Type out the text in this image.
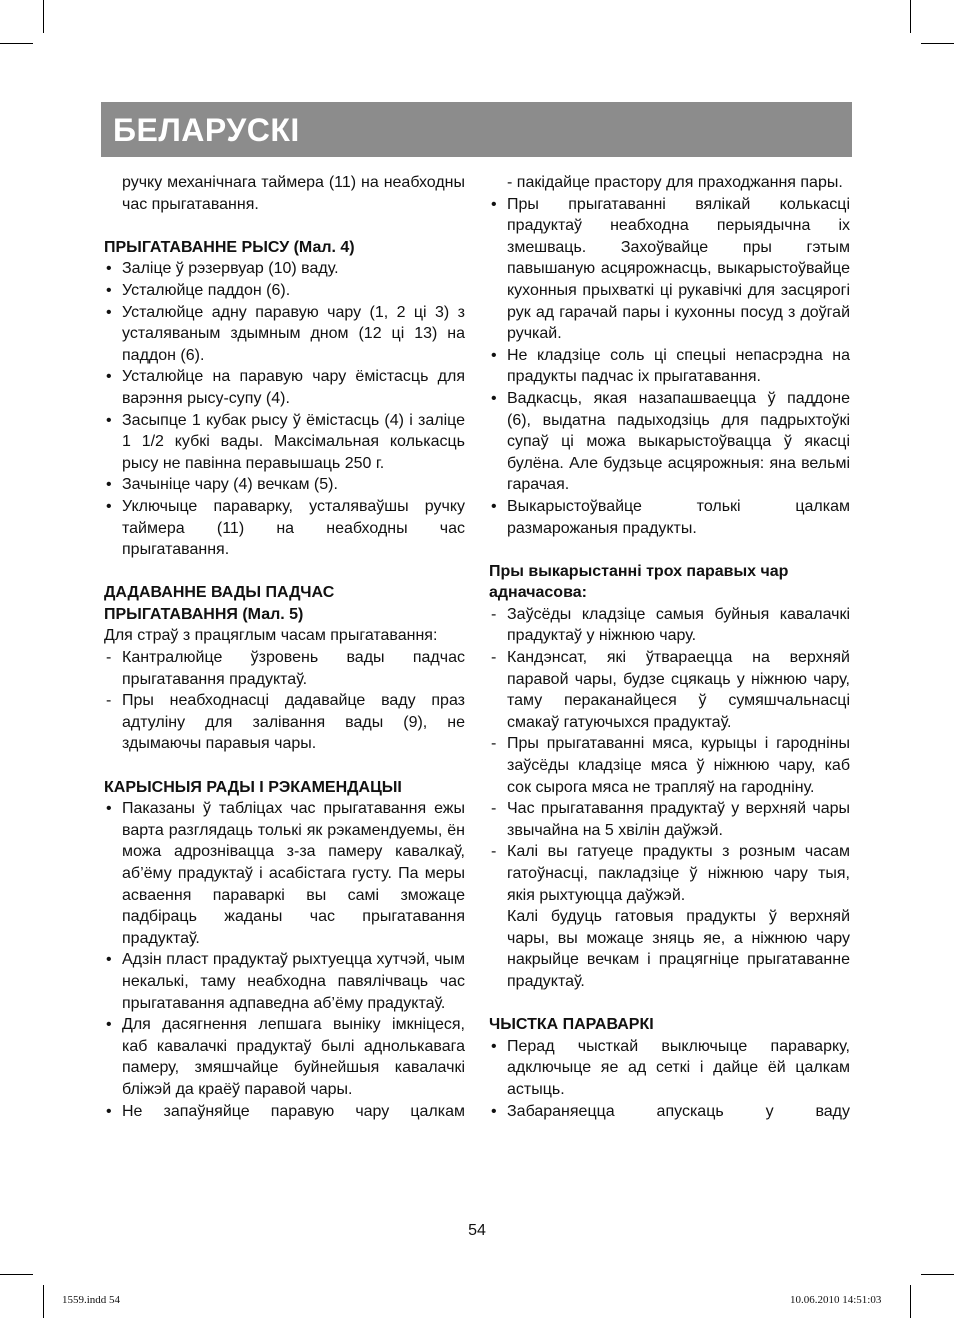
БЕЛАРУСКІ

ручку механічнага таймера (11) на неабходны час прыгатавання.

ПРЫГАТАВАННЕ РЫСУ (Мал. 4)

• Заліце ў рэзервуар (10) ваду.
• Усталюйце паддон (6).
• Усталюйце адну паравую чару (1, 2 ці 3) з усталяваным здымным дном (12 ці 13) на паддон (6).
• Усталюйце на паравую чару ёмістасць для варэння рысу-супу (4).
• Засыпце 1 кубак рысу ў ёмістасць (4) і заліце 1 1/2 кубкі вады. Максімальная колькасць рысу не павінна перавышаць 250 г.
• Зачыніце чару (4) вечкам (5).
• Уключыце параварку, усталяваўшы ручку таймера (11) на неабходны час прыгатавання.

ДАДАВАННЕ ВАДЫ ПАДЧАС ПРЫГАТАВАННЯ (Мал. 5)

Для страў з працяглым часам прыгатавання:

- Кантралюйце ўзровень вады падчас прыгатавання прадуктаў.
- Пры неабходнасці дадавайце ваду праз адтуліну для залівання вады (9), не здымаючы паравыя чары.

КАРЫСНЫЯ РАДЫ І РЭКАМЕНДАЦЫІ

• Паказаны ў табліцах час прыгатавання ежы варта разглядаць толькі як рэкамендуемы, ён можа адрозніваццa з-за памеру кавалкаў, аб’ёму прадуктаў і асабістага густу. Па меры асваення параваркі вы самі зможаце падбіраць жаданы час прыгатавання прадуктаў.
• Адзін пласт прадуктаў рыхтуецца хутчэй, чым некалькі, таму неабходна павялічваць час прыгатавання адпаведна аб’ёму прадуктаў.
• Для дасягнення лепшага выніку імкніцеся, каб кавалачкі прадуктаў былі аднолькавага памеру, змяшчайце буйнейшыя кавалачкі бліжэй да краёў паравой чары.
• Не запаўняйце паравую чару цалкам

- пакідайце прастору для праходжання пары.

• Пры прыгатаванні вялікай колькасці прадуктаў неабходна перыядычна іх змешваць. Захоўвайце пры гэтым павышаную асцярожнасць, выкарыстоўвайце кухонныя прыхваткі ці рукавічкі для засцярогі рук ад гарачай пары і кухонны посуд з доўгай ручкай.
• Не кладзіце соль ці спецыі непасрэдна на прадукты падчас іх прыгатавання.
• Вадкасць, якая назапашваецца ў паддоне (6), выдатна падыходзіць для падрыхтоўкі супаў ці можа выкарыстоўвацца ў якасці булёна. Але будзьце асцярожныя: яна вельмі гарачая.
• Выкарыстоўвайце толькі цалкам размарожаныя прадукты.

Пры выкарыстанні трох паравых чар адначасова:

- Заўсёды кладзіце самыя буйныя кавалачкі прадуктаў у ніжнюю чару.
- Кандэнсат, які ўтвараецца на верхняй паравой чары, будзе сцякаць у ніжнюю чару, таму пераканайцеся ў сумяшчальнасці смакаў гатуючыхся прадуктаў.
- Пры прыгатаванні мяса, курыцы і гародніны заўсёды кладзіце мяса ў ніжнюю чару, каб сок сырога мяса не трапляў на гародніну.
- Час прыгатавання прадуктаў у верхняй чары звычайна на 5 хвілін даўжэй.
- Калі вы гатуеце прадукты з розным часам гатоўнасці, пакладзіце ў ніжнюю чару тыя, якія рыхтуюцца даўжэй.

Калі будуць гатовыя прадукты ў верхняй чары, вы можаце зняць яе, а ніжнюю чару накрыйце вечкам і працягніце прыгатаванне прадуктаў.

ЧЫСТКА ПАРАВАРКІ

• Перад чысткай выключыце параварку, адключыце яе ад сеткі і дайце ёй цалкам астыць.
• Забараняецца апускаць у ваду
54
1559.indd 54	10.06.2010 14:51:03
